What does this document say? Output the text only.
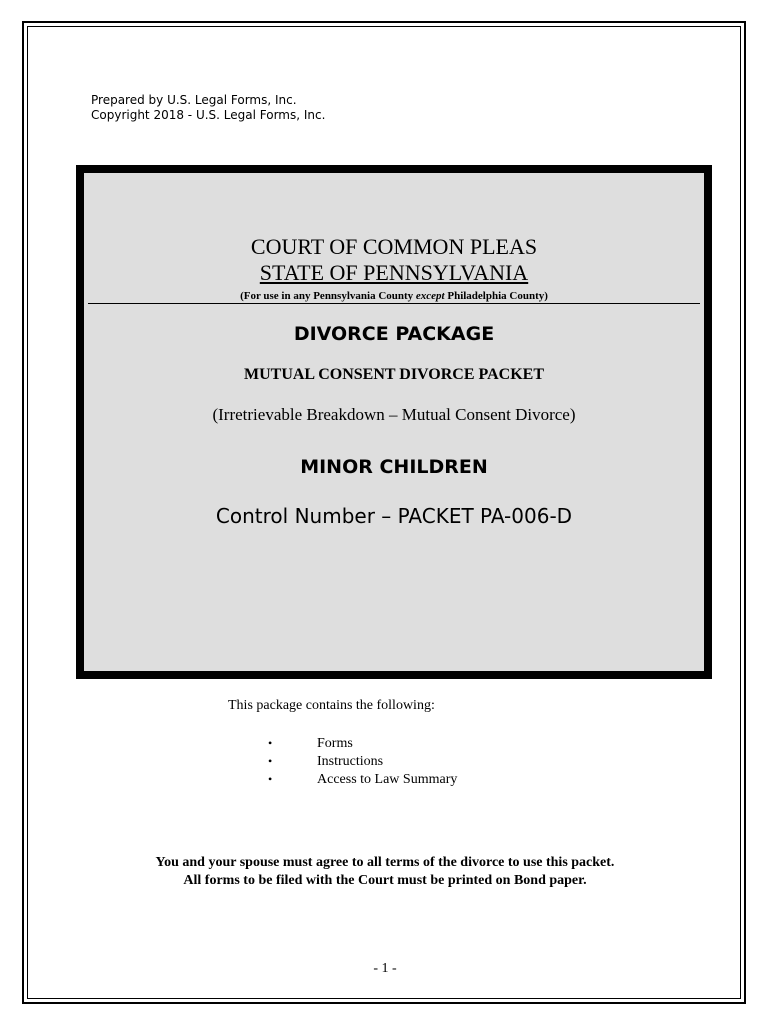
Prepared by U.S. Legal Forms, Inc.
Copyright 2018 - U.S. Legal Forms, Inc.
COURT OF COMMON PLEAS
STATE OF PENNSYLVANIA
(For use in any Pennsylvania County except Philadelphia County)
DIVORCE PACKAGE
MUTUAL CONSENT DIVORCE PACKET
(Irretrievable Breakdown – Mutual Consent Divorce)
MINOR CHILDREN
Control Number – PACKET PA-006-D
This package contains the following:
•	Forms
•	Instructions
•	Access to Law Summary
You and your spouse must agree to all terms of the divorce to use this packet.
All forms to be filed with the Court must be printed on Bond paper.
- 1 -
